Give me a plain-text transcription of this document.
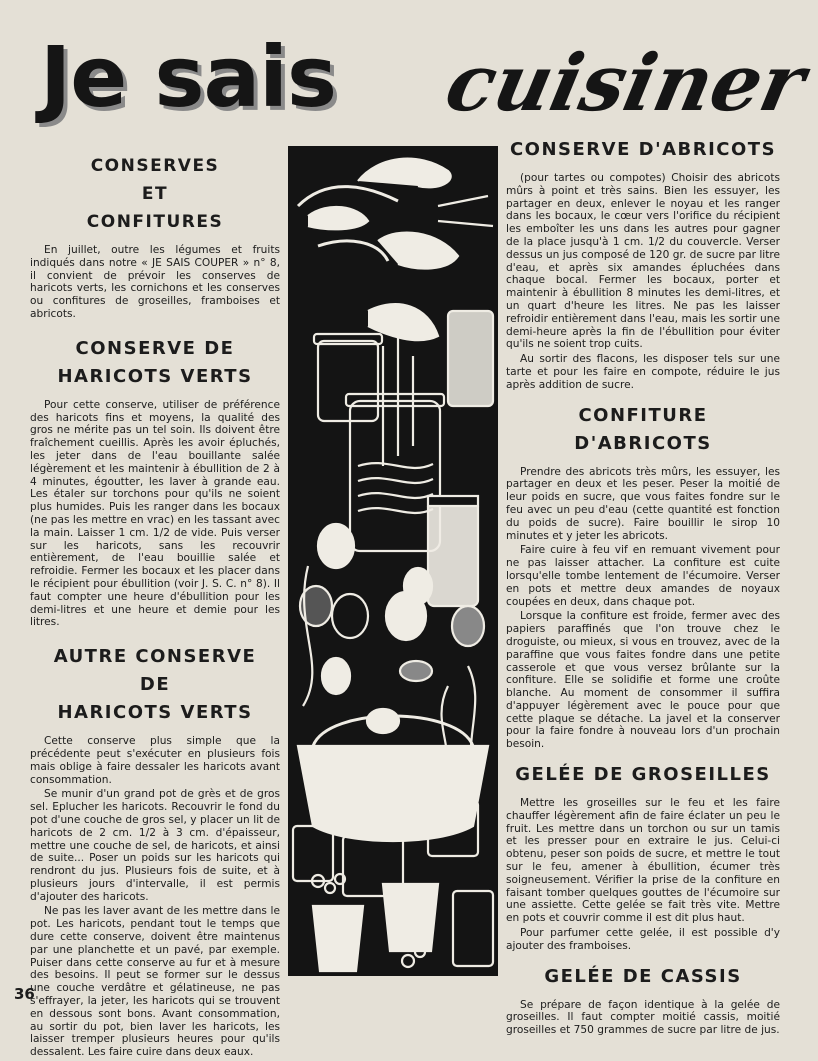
Je sais cuisiner
CONSERVES
ET
CONFITURES

En juillet, outre les légumes et fruits indiqués dans notre « JE SAIS COUPER » n° 8, il convient de prévoir les conserves de haricots verts, les cornichons et les conserves ou confitures de groseilles, framboises et abricots.

CONSERVE DE
HARICOTS VERTS

Pour cette conserve, utiliser de préférence des haricots fins et moyens, la qualité des gros ne mérite pas un tel soin. Ils doivent être fraîchement cueillis. Après les avoir épluchés, les jeter dans de l'eau bouillante salée légèrement et les maintenir à ébullition de 2 à 4 minutes, égoutter, les laver à grande eau. Les étaler sur torchons pour qu'ils ne soient plus humides. Puis les ranger dans les bocaux (ne pas les mettre en vrac) en les tassant avec la main. Laisser 1 cm. 1/2 de vide. Puis verser sur les haricots, sans les recouvrir entièrement, de l'eau bouillie salée et refroidie. Fermer les bocaux et les placer dans le récipient pour ébullition (voir J. S. C. n° 8). Il faut compter une heure d'ébullition pour les demi-litres et une heure et demie pour les litres.

AUTRE CONSERVE
DE
HARICOTS VERTS

Cette conserve plus simple que la précédente peut s'exécuter en plusieurs fois mais oblige à faire dessaler les haricots avant consommation.

Se munir d'un grand pot de grès et de gros sel. Eplucher les haricots. Recouvrir le fond du pot d'une couche de gros sel, y placer un lit de haricots de 2 cm. 1/2 à 3 cm. d'épaisseur, mettre une couche de sel, de haricots, et ainsi de suite... Poser un poids sur les haricots qui rendront du jus. Plusieurs fois de suite, et à plusieurs jours d'intervalle, il est permis d'ajouter des haricots.

Ne pas les laver avant de les mettre dans le pot. Les haricots, pendant tout le temps que dure cette conserve, doivent être maintenus par une planchette et un pavé, par exemple. Puiser dans cette conserve au fur et à mesure des besoins. Il peut se former sur le dessus une couche verdâtre et gélatineuse, ne pas s'effrayer, la jeter, les haricots qui se trouvent en dessous sont bons. Avant consommation, au sortir du pot, bien laver les haricots, les laisser tremper plusieurs heures pour qu'ils dessalent. Les faire cuire dans deux eaux.

CONSERVE D'ABRICOTS

(pour tartes ou compotes) Choisir des abricots mûrs à point et très sains. Bien les essuyer, les partager en deux, enlever le noyau et les ranger dans les bocaux, le cœur vers l'orifice du récipient les emboîter les uns dans les autres pour gagner de la place jusqu'à 1 cm. 1/2 du couvercle. Verser dessus un jus composé de 120 gr. de sucre par litre d'eau, et après six amandes épluchées dans chaque bocal. Fermer les bocaux, porter et maintenir à ébullition 8 minutes les demi-litres, et un quart d'heure les litres. Ne pas les laisser refroidir entièrement dans l'eau, mais les sortir une demi-heure après la fin de l'ébullition pour éviter qu'ils ne soient trop cuits.

Au sortir des flacons, les disposer tels sur une tarte et pour les faire en compote, réduire le jus après addition de sucre.

CONFITURE D'ABRICOTS

Prendre des abricots très mûrs, les essuyer, les partager en deux et les peser. Peser la moitié de leur poids en sucre, que vous faites fondre sur le feu avec un peu d'eau (cette quantité est fonction du poids de sucre). Faire bouillir le sirop 10 minutes et y jeter les abricots.

Faire cuire à feu vif en remuant vivement pour ne pas laisser attacher. La confiture est cuite lorsqu'elle tombe lentement de l'écumoire. Verser en pots et mettre deux amandes de noyaux coupées en deux, dans chaque pot.

Lorsque la confiture est froide, fermer avec des papiers paraffinés que l'on trouve chez le droguiste, ou mieux, si vous en trouvez, avec de la paraffine que vous faites fondre dans une petite casserole et que vous versez brûlante sur la confiture. Elle se solidifie et forme une croûte blanche. Au moment de consommer il suffira d'appuyer légèrement avec le pouce pour que cette plaque se détache. La javel et la conserver pour la faire fondre à nouveau lors d'un prochain besoin.

GELÉE DE GROSEILLES

Mettre les groseilles sur le feu et les faire chauffer légèrement afin de faire éclater un peu le fruit. Les mettre dans un torchon ou sur un tamis et les presser pour en extraire le jus. Celui-ci obtenu, peser son poids de sucre, et mettre le tout sur le feu, amener à ébullition, écumer très soigneusement. Vérifier la prise de la confiture en faisant tomber quelques gouttes de l'écumoire sur une assiette. Cette gelée se fait très vite. Mettre en pots et couvrir comme il est dit plus haut.

Pour parfumer cette gelée, il est possible d'y ajouter des framboises.

GELÉE DE CASSIS

Se prépare de façon identique à la gelée de groseilles. Il faut compter moitié cassis, moitié groseilles et 750 grammes de sucre par litre de jus.

36
